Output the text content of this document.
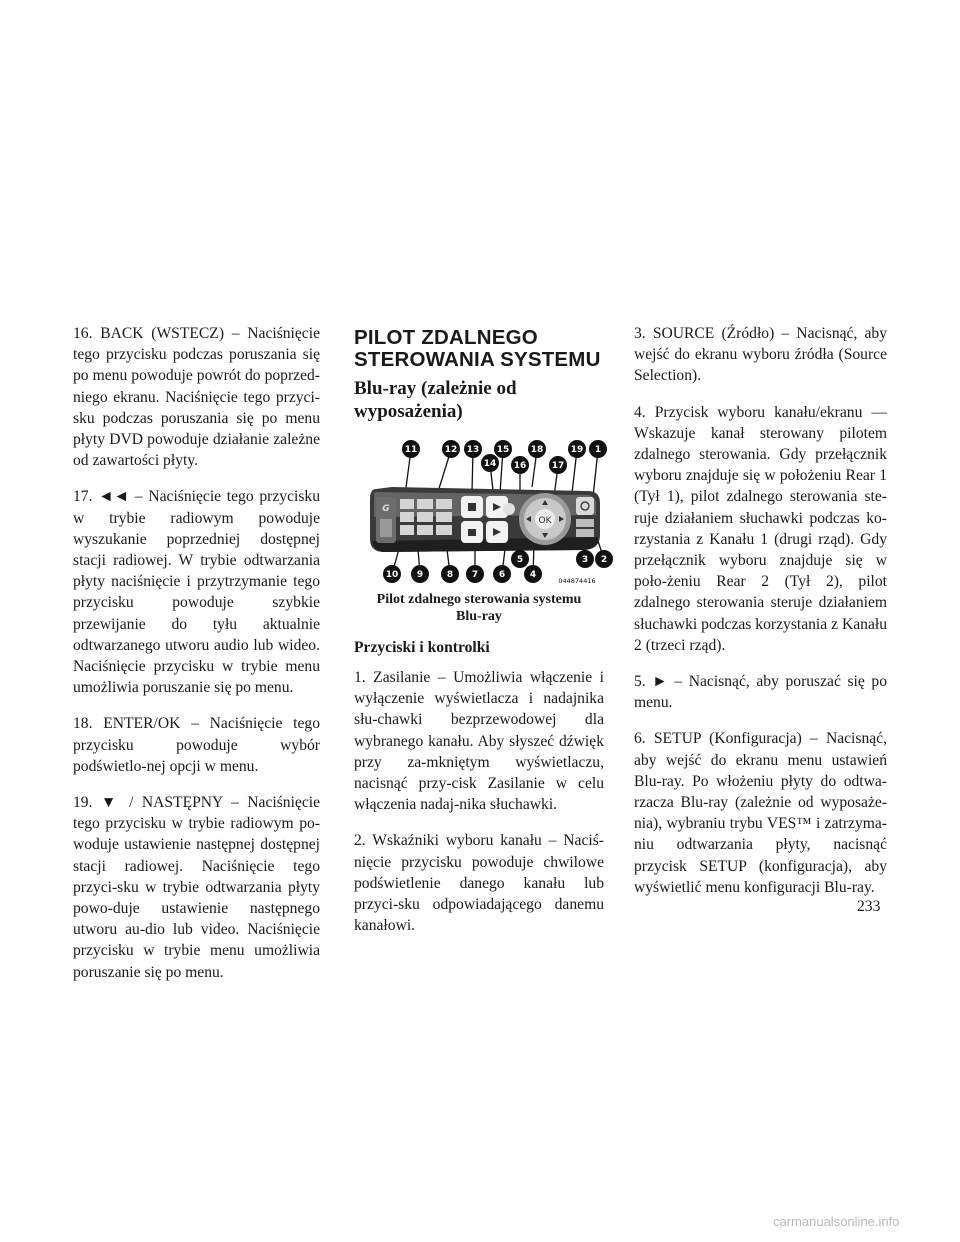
16. BACK (WSTECZ) – Naciśnięcie tego przycisku podczas poruszania się po menu powoduje powrót do poprzed-niego ekranu. Naciśnięcie tego przyci-sku podczas poruszania się po menu płyty DVD powoduje działanie zależne od zawartości płyty.

17. ◄◄ – Naciśnięcie tego przycisku w trybie radiowym powoduje wyszukanie poprzedniej dostępnej stacji radiowej. W trybie odtwarzania płyty naciśnięcie i przytrzymanie tego przycisku powoduje szybkie przewijanie do tyłu aktualnie odtwarzanego utworu audio lub wideo. Naciśnięcie przycisku w trybie menu umożliwia poruszanie się po menu.

18. ENTER/OK – Naciśnięcie tego przycisku powoduje wybór podświetlo-nej opcji w menu.

19. ▼ / NASTĘPNY – Naciśnięcie tego przycisku w trybie radiowym po-woduje ustawienie następnej dostępnej stacji radiowej. Naciśnięcie tego przyci-sku w trybie odtwarzania płyty powo-duje ustawienie następnego utworu au-dio lub video. Naciśnięcie przycisku w trybie menu umożliwia poruszanie się po menu.

PILOT ZDALNEGO
STEROWANIA SYSTEMU
Blu-ray (zależnie od
wyposażenia)
G
OK
11	12 13
14
15
16
18
17
19 1
10 9	8 7 6	4
5	3 2
044874416
Pilot zdalnego sterowania systemu
Blu-ray
Przyciski i kontrolki

1. Zasilanie – Umożliwia włączenie i wyłączenie wyświetlacza i nadajnika słu-chawki bezprzewodowej dla wybranego kanału. Aby słyszeć dźwięk przy za-mkniętym wyświetlaczu, nacisnąć przy-cisk Zasilanie w celu włączenia nadaj-nika słuchawki.

2. Wskaźniki wyboru kanału – Naciś-nięcie przycisku powoduje chwilowe podświetlenie danego kanału lub przyci-sku odpowiadającego danemu kanałowi.

3. SOURCE (Źródło) – Nacisnąć, aby wejść do ekranu wyboru źródła (Source Selection).

4. Przycisk wyboru kanału/ekranu — Wskazuje kanał sterowany pilotem zdalnego sterowania. Gdy przełącznik wyboru znajduje się w położeniu Rear 1 (Tył 1), pilot zdalnego sterowania ste-ruje działaniem słuchawki podczas ko-rzystania z Kanału 1 (drugi rząd). Gdy przełącznik wyboru znajduje się w poło-żeniu Rear 2 (Tył 2), pilot zdalnego sterowania steruje działaniem słuchawki podczas korzystania z Kanału 2 (trzeci rząd).

5. ► – Nacisnąć, aby poruszać się po menu.

6. SETUP (Konfiguracja) – Nacisnąć, aby wejść do ekranu menu ustawień Blu-ray. Po włożeniu płyty do odtwa-rzacza Blu-ray (zależnie od wyposaże-nia), wybraniu trybu VES™ i zatrzyma-niu odtwarzania płyty, nacisnąć przycisk SETUP (konfiguracja), aby wyświetlić menu konfiguracji Blu-ray.

233
carmanualsonline.info
